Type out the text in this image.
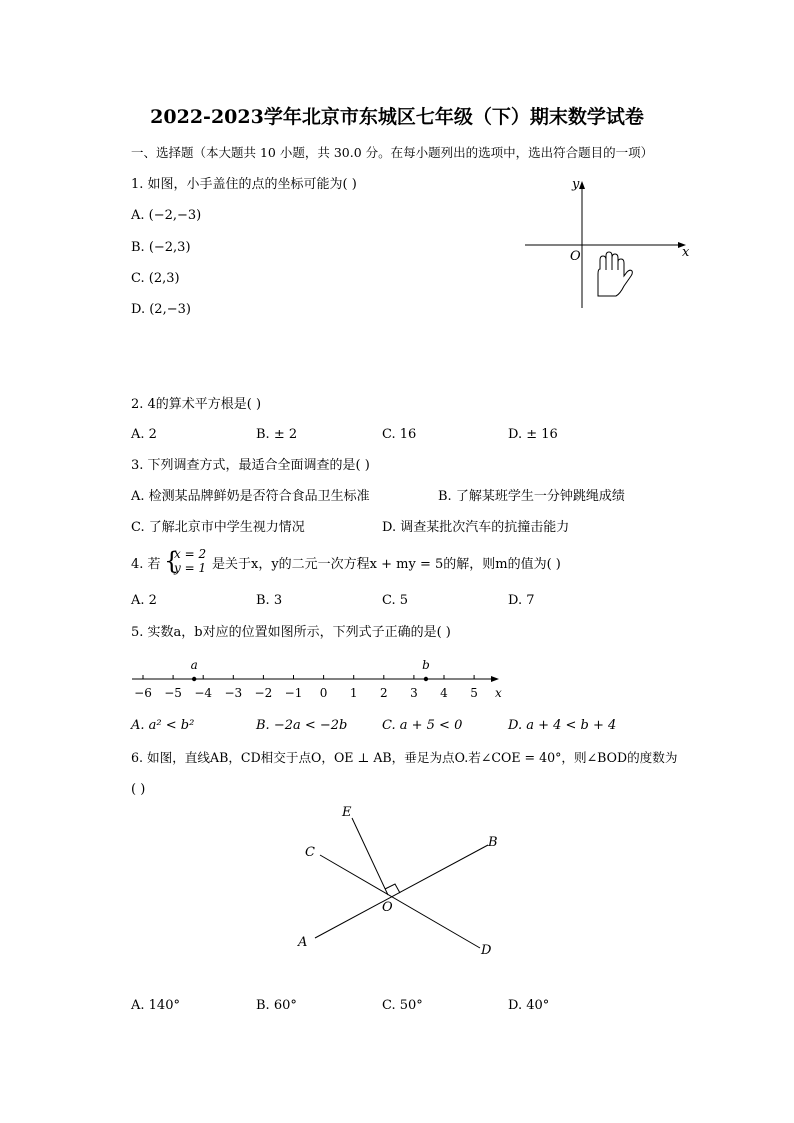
2022-2023学年北京市东城区七年级（下）期末数学试卷
一、选择题（本大题共 10 小题，共 30.0 分。在每小题列出的选项中，选出符合题目的一项）
1. 如图，小手盖住的点的坐标可能为( )
A. (−2,−3)
B. (−2,3)
C. (2,3)
D. (2,−3)
x
y
O
2. 4的算术平方根是( )
A. 2	B. ± 2	C. 16	D. ± 16
3. 下列调查方式，最适合全面调查的是( )
A. 检测某品牌鲜奶是否符合食品卫生标准	B. 了解某班学生一分钟跳绳成绩
C. 了解北京市中学生视力情况	D. 调查某批次汽车的抗撞击能力
4. 若 {
x = 2
y = 1 是关于x，y的二元一次方程x + my = 5的解，则m的值为( )
A. 2	B. 3	C. 5	D. 7
5. 实数a，b对应的位置如图所示，下列式子正确的是( )
−6 −5 −4 −3 −2 −1 0 1 2 3 4 5
a	b
x
A. a² < b²	B. −2a < −2b	C. a + 5 < 0	D. a + 4 < b + 4
6. 如图，直线AB，CD相交于点O，OE ⊥ AB，垂足为点O.若∠COE = 40°，则∠BOD的度数为
( )
E
C
B
O
A
D
A. 140°	B. 60°	C. 50°	D. 40°
